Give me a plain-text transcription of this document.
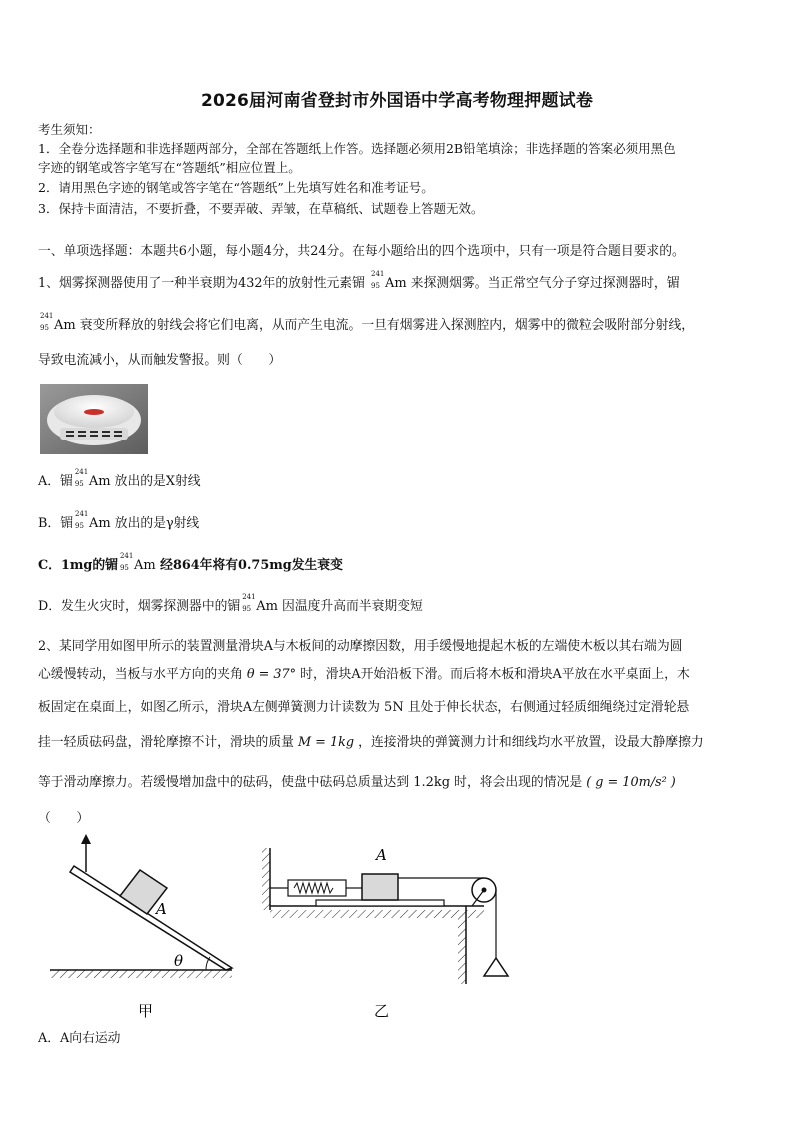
2026届河南省登封市外国语中学高考物理押题试卷
考生须知：
1．全卷分选择题和非选择题两部分，全部在答题纸上作答。选择题必须用2B铅笔填涂；非选择题的答案必须用黑色
字迹的钢笔或答字笔写在“答题纸”相应位置上。
2．请用黑色字迹的钢笔或答字笔在“答题纸”上先填写姓名和准考证号。
3．保持卡面清洁，不要折叠，不要弄破、弄皱，在草稿纸、试题卷上答题无效。
一、单项选择题：本题共6小题，每小题4分，共24分。在每小题给出的四个选项中，只有一项是符合题目要求的。
1、烟雾探测器使用了一种半衰期为432年的放射性元素镅
241
95 Am 来探测烟雾。当正常空气分子穿过探测器时，镅
241
95 Am 衰变所释放的射线会将它们电离，从而产生电流。一旦有烟雾进入探测腔内，烟雾中的微粒会吸附部分射线，
导致电流减小，从而触发警报。则（　　）
A．镅
241
95 Am 放出的是X射线
B．镅
241
95 Am 放出的是γ射线
C．1mg的镅
241
95 Am 经864年将有0.75mg发生衰变
D．发生火灾时，烟雾探测器中的镅
241
95 Am 因温度升高而半衰期变短
2、某同学用如图甲所示的装置测量滑块A与木板间的动摩擦因数，用手缓慢地提起木板的左端使木板以其右端为圆
心缓慢转动，当板与水平方向的夹角 θ = 37° 时，滑块A开始沿板下滑。而后将木板和滑块A平放在水平桌面上，木
板固定在桌面上，如图乙所示，滑块A左侧弹簧测力计读数为 5N 且处于伸长状态，右侧通过轻质细绳绕过定滑轮悬
挂一轻质砝码盘，滑轮摩擦不计，滑块的质量 M = 1kg ，连接滑块的弹簧测力计和细线均水平放置，设最大静摩擦力
等于滑动摩擦力。若缓慢增加盘中的砝码，使盘中砝码总质量达到 1.2kg 时，将会出现的情况是 ( g = 10m/s² )
（　　）
A
θ
甲
A
乙
A．A向右运动
